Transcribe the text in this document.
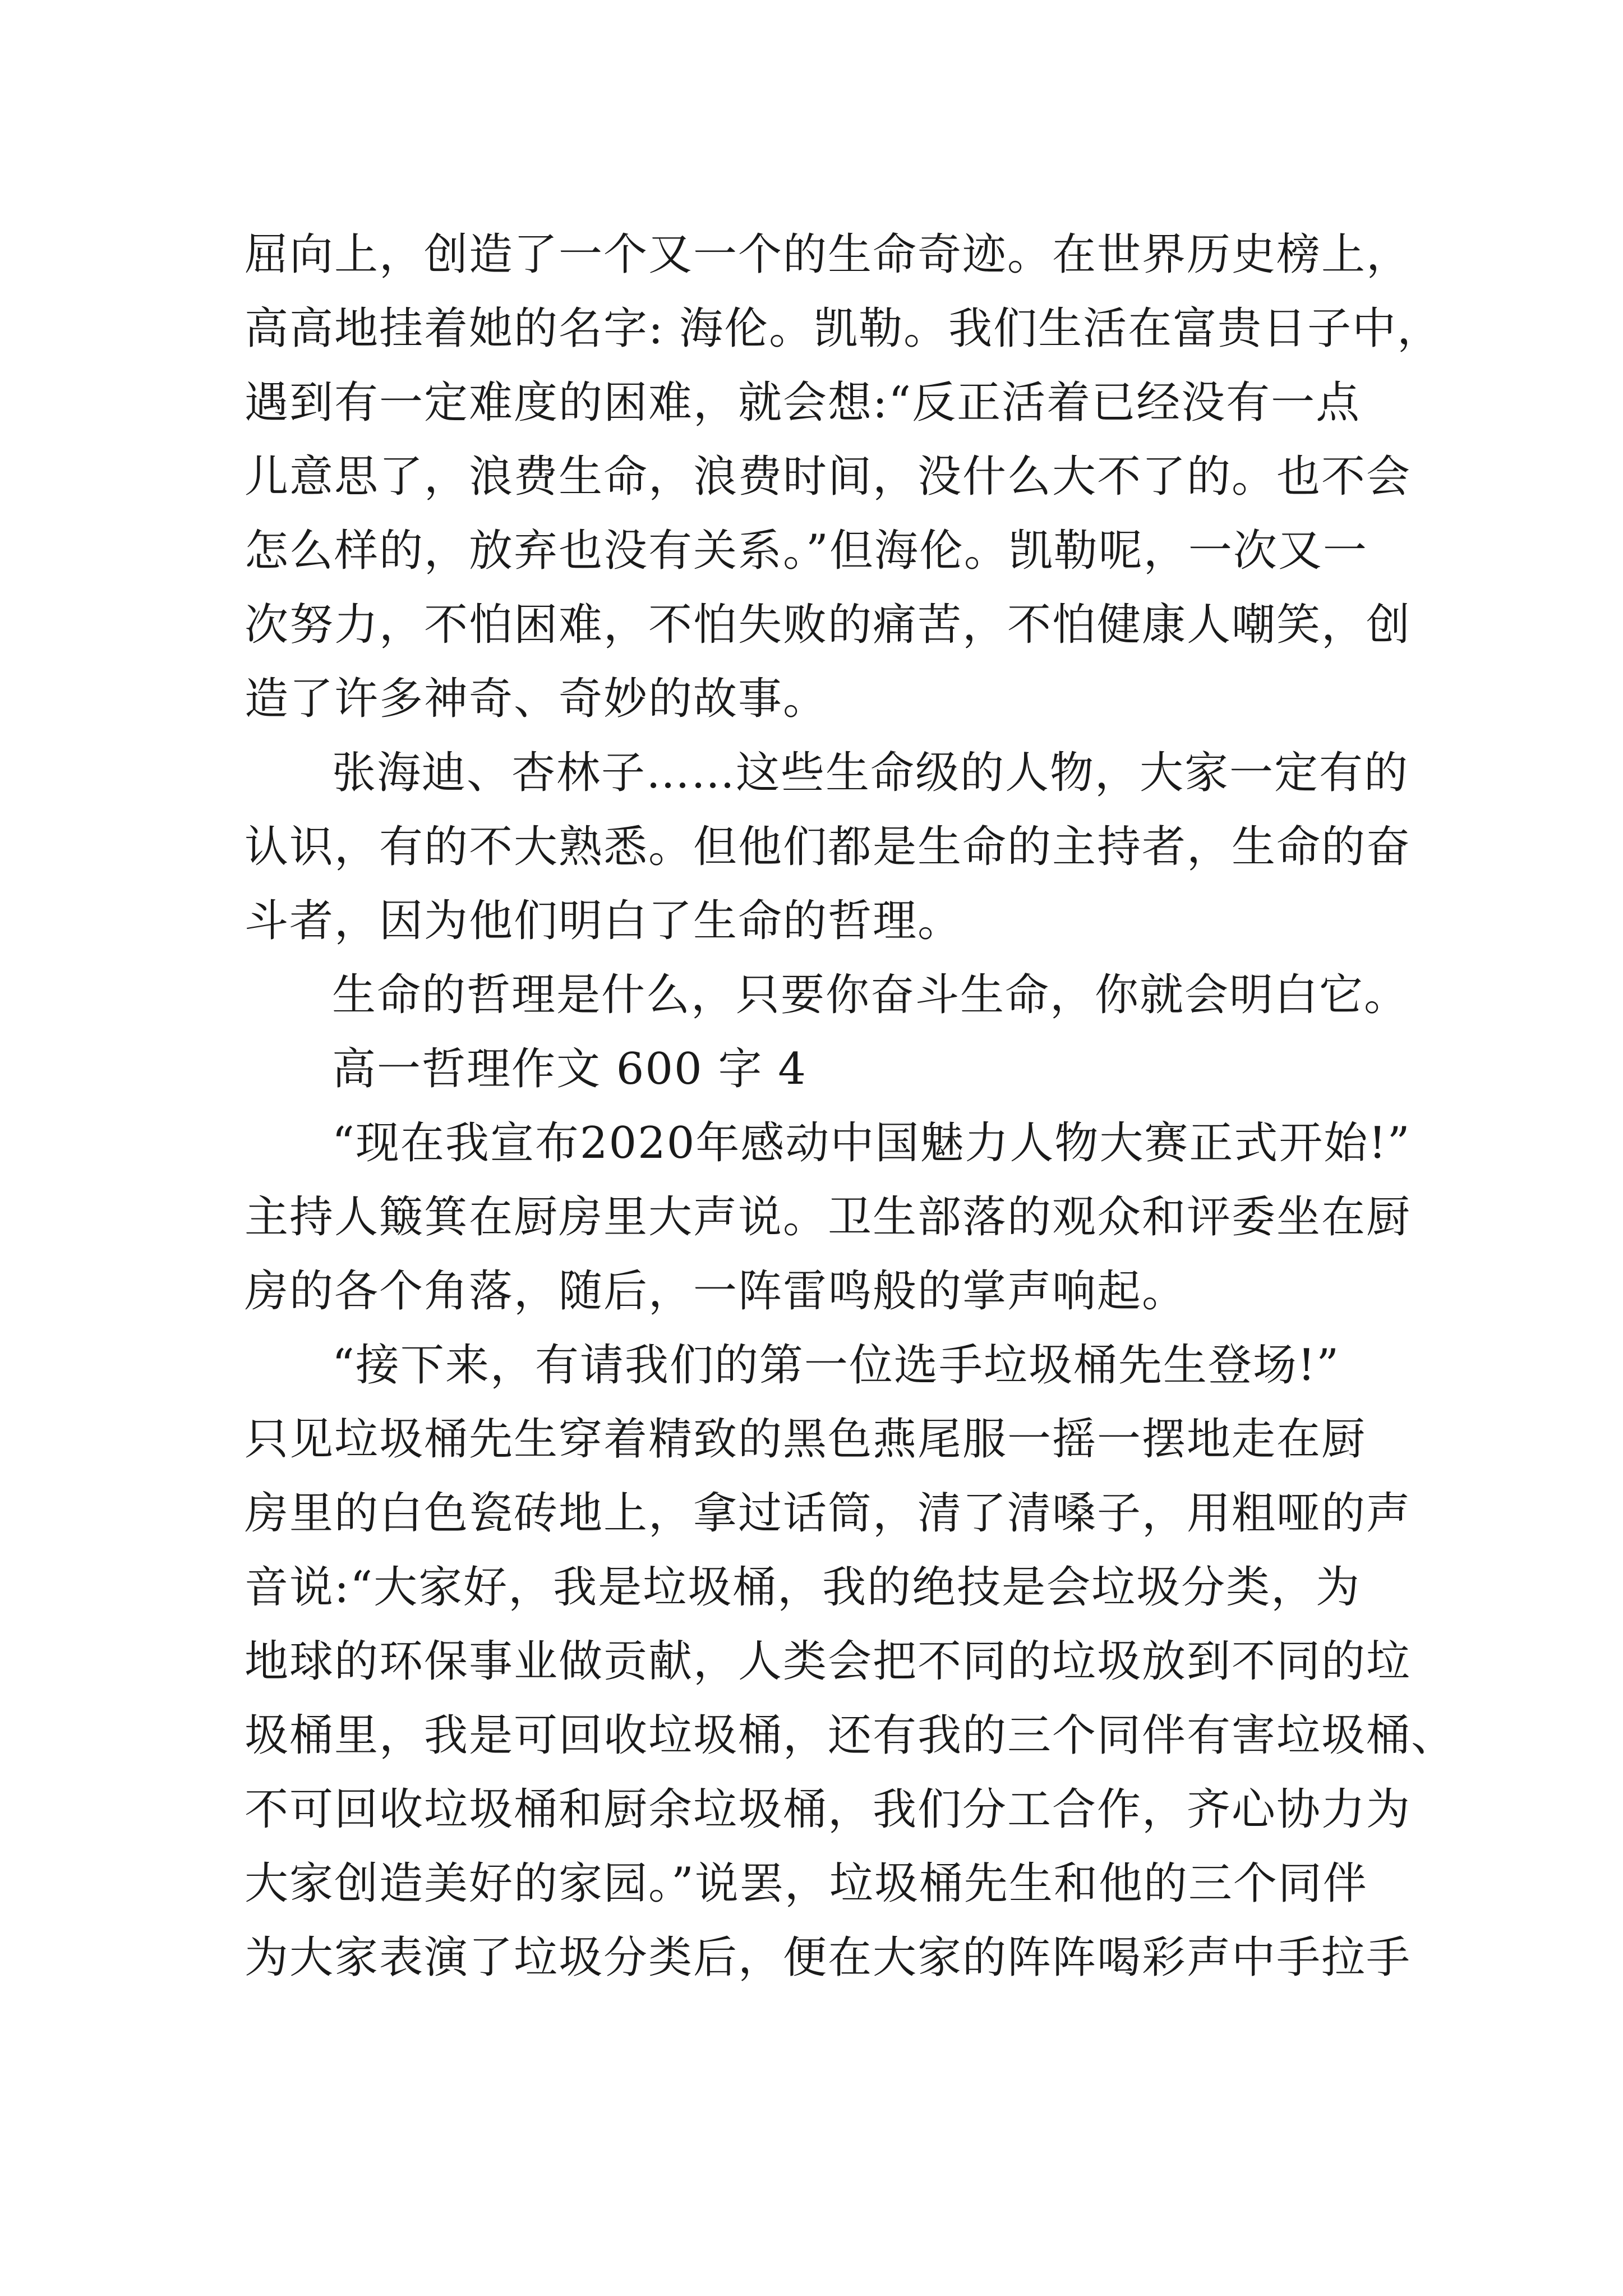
屈向上，创造了一个又一个的生命奇迹。在世界历史榜上，
高高地挂着她的名字: 海伦。凯勒。我们生活在富贵日子中，
遇到有一定难度的困难，就会想:“反正活着已经没有一点
儿意思了，浪费生命，浪费时间，没什么大不了的。也不会
怎么样的，放弃也没有关系。”但海伦。凯勒呢，一次又一
次努力，不怕困难，不怕失败的痛苦，不怕健康人嘲笑，创
造了许多神奇、奇妙的故事。
张海迪、杏林子……这些生命级的人物，大家一定有的
认识，有的不大熟悉。但他们都是生命的主持者，生命的奋
斗者，因为他们明白了生命的哲理。
生命的哲理是什么，只要你奋斗生命，你就会明白它。
高一哲理作文 600 字 4
“现在我宣布2020年感动中国魅力人物大赛正式开始!”
主持人簸箕在厨房里大声说。卫生部落的观众和评委坐在厨
房的各个角落，随后，一阵雷鸣般的掌声响起。
“接下来，有请我们的第一位选手垃圾桶先生登场!”
只见垃圾桶先生穿着精致的黑色燕尾服一摇一摆地走在厨
房里的白色瓷砖地上，拿过话筒，清了清嗓子，用粗哑的声
音说:“大家好，我是垃圾桶，我的绝技是会垃圾分类，为
地球的环保事业做贡献，人类会把不同的垃圾放到不同的垃
圾桶里，我是可回收垃圾桶，还有我的三个同伴有害垃圾桶、
不可回收垃圾桶和厨余垃圾桶，我们分工合作，齐心协力为
大家创造美好的家园。”说罢，垃圾桶先生和他的三个同伴
为大家表演了垃圾分类后，便在大家的阵阵喝彩声中手拉手
